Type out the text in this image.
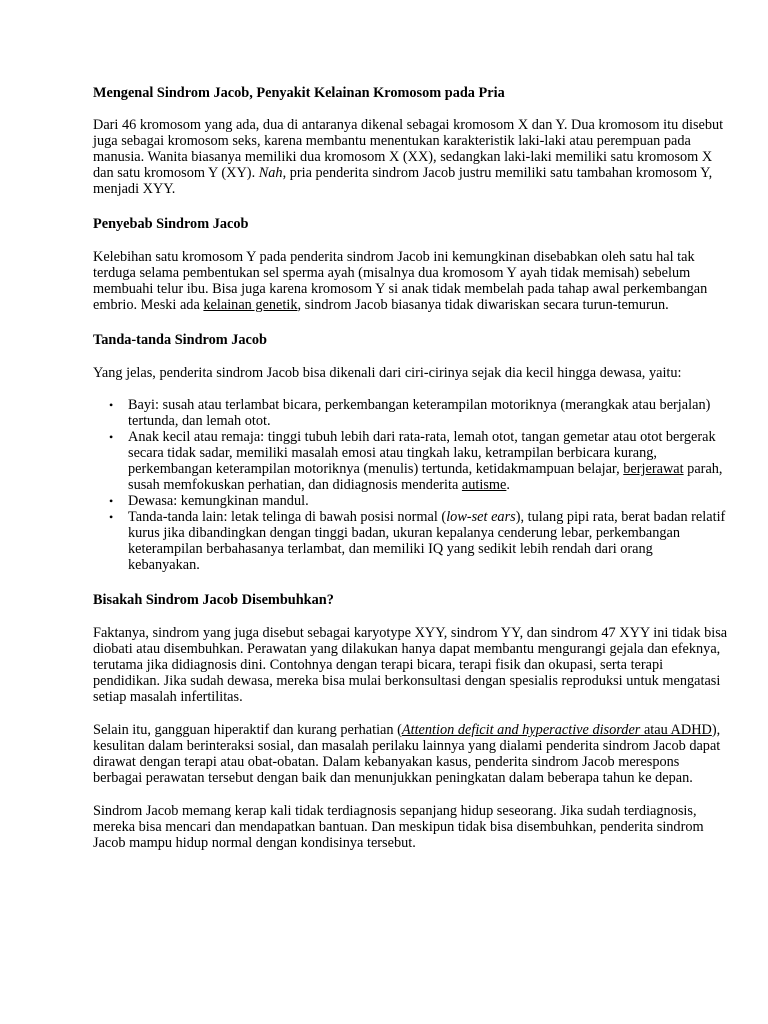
Mengenal Sindrom Jacob, Penyakit Kelainan Kromosom pada Pria

Dari 46 kromosom yang ada, dua di antaranya dikenal sebagai kromosom X dan Y. Dua kromosom itu disebut juga sebagai kromosom seks, karena membantu menentukan karakteristik laki-laki atau perempuan pada manusia. Wanita biasanya memiliki dua kromosom X (XX), sedangkan laki-laki memiliki satu kromosom X dan satu kromosom Y (XY). Nah, pria penderita sindrom Jacob justru memiliki satu tambahan kromosom Y, menjadi XYY.

Penyebab Sindrom Jacob

Kelebihan satu kromosom Y pada penderita sindrom Jacob ini kemungkinan disebabkan oleh satu hal tak terduga selama pembentukan sel sperma ayah (misalnya dua kromosom Y ayah tidak memisah) sebelum membuahi telur ibu. Bisa juga karena kromosom Y si anak tidak membelah pada tahap awal perkembangan embrio. Meski ada kelainan genetik, sindrom Jacob biasanya tidak diwariskan secara turun-temurun.

Tanda-tanda Sindrom Jacob

Yang jelas, penderita sindrom Jacob bisa dikenali dari ciri-cirinya sejak dia kecil hingga dewasa, yaitu:

• Bayi: susah atau terlambat bicara, perkembangan keterampilan motoriknya (merangkak atau berjalan) tertunda, dan lemah otot.
• Anak kecil atau remaja: tinggi tubuh lebih dari rata-rata, lemah otot, tangan gemetar atau otot bergerak secara tidak sadar, memiliki masalah emosi atau tingkah laku, ketrampilan berbicara kurang, perkembangan keterampilan motoriknya (menulis) tertunda, ketidakmampuan belajar, berjerawat parah, susah memfokuskan perhatian, dan didiagnosis menderita autisme.
• Dewasa: kemungkinan mandul.
• Tanda-tanda lain: letak telinga di bawah posisi normal (low-set ears), tulang pipi rata, berat badan relatif kurus jika dibandingkan dengan tinggi badan, ukuran kepalanya cenderung lebar, perkembangan keterampilan berbahasanya terlambat, dan memiliki IQ yang sedikit lebih rendah dari orang kebanyakan.
Bisakah Sindrom Jacob Disembuhkan?

Faktanya, sindrom yang juga disebut sebagai karyotype XYY, sindrom YY, dan sindrom 47 XYY ini tidak bisa diobati atau disembuhkan. Perawatan yang dilakukan hanya dapat membantu mengurangi gejala dan efeknya, terutama jika didiagnosis dini. Contohnya dengan terapi bicara, terapi fisik dan okupasi, serta terapi pendidikan. Jika sudah dewasa, mereka bisa mulai berkonsultasi dengan spesialis reproduksi untuk mengatasi setiap masalah infertilitas.

Selain itu, gangguan hiperaktif dan kurang perhatian (Attention deficit and hyperactive disorder atau ADHD), kesulitan dalam berinteraksi sosial, dan masalah perilaku lainnya yang dialami penderita sindrom Jacob dapat dirawat dengan terapi atau obat-obatan. Dalam kebanyakan kasus, penderita sindrom Jacob merespons berbagai perawatan tersebut dengan baik dan menunjukkan peningkatan dalam beberapa tahun ke depan.

Sindrom Jacob memang kerap kali tidak terdiagnosis sepanjang hidup seseorang. Jika sudah terdiagnosis, mereka bisa mencari dan mendapatkan bantuan. Dan meskipun tidak bisa disembuhkan, penderita sindrom Jacob mampu hidup normal dengan kondisinya tersebut.
